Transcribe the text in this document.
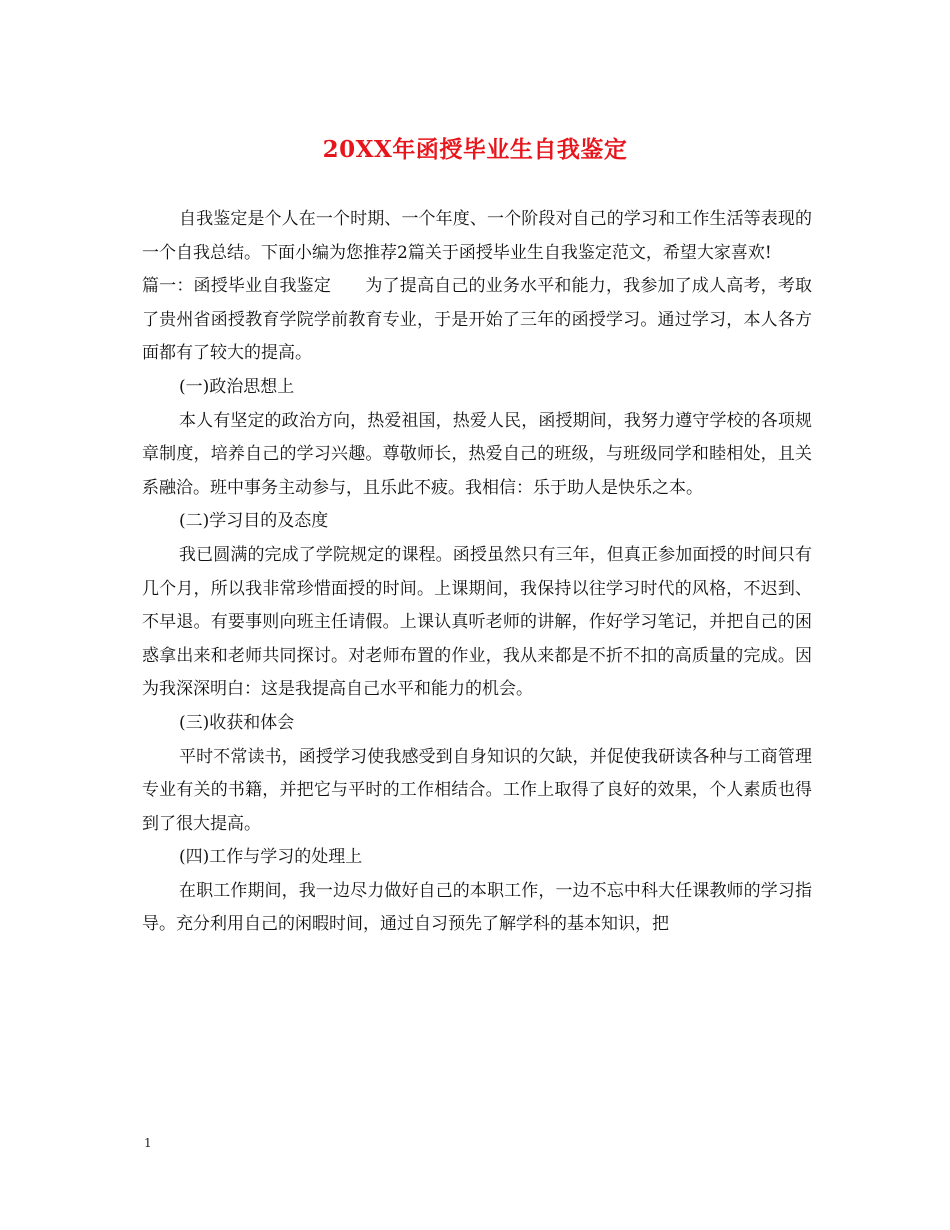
20XX年函授毕业生自我鉴定

自我鉴定是个人在一个时期、一个年度、一个阶段对自己的学习和工作生活等表现的一个自我总结。下面小编为您推荐2篇关于函授毕业生自我鉴定范文，希望大家喜欢!

篇一：函授毕业自我鉴定　　为了提高自己的业务水平和能力，我参加了成人高考，考取了贵州省函授教育学院学前教育专业，于是开始了三年的函授学习。通过学习，本人各方面都有了较大的提高。

(一)政治思想上

本人有坚定的政治方向，热爱祖国，热爱人民，函授期间，我努力遵守学校的各项规章制度，培养自己的学习兴趣。尊敬师长，热爱自己的班级，与班级同学和睦相处，且关系融洽。班中事务主动参与，且乐此不疲。我相信：乐于助人是快乐之本。

(二)学习目的及态度

我已圆满的完成了学院规定的课程。函授虽然只有三年，但真正参加面授的时间只有几个月，所以我非常珍惜面授的时间。上课期间，我保持以往学习时代的风格，不迟到、不早退。有要事则向班主任请假。上课认真听老师的讲解，作好学习笔记，并把自己的困惑拿出来和老师共同探讨。对老师布置的作业，我从来都是不折不扣的高质量的完成。因为我深深明白：这是我提高自己水平和能力的机会。

(三)收获和体会

平时不常读书，函授学习使我感受到自身知识的欠缺，并促使我研读各种与工商管理专业有关的书籍，并把它与平时的工作相结合。工作上取得了良好的效果，个人素质也得到了很大提高。

(四)工作与学习的处理上

在职工作期间，我一边尽力做好自己的本职工作，一边不忘中科大任课教师的学习指导。充分利用自己的闲暇时间，通过自习预先了解学科的基本知识，把

1
